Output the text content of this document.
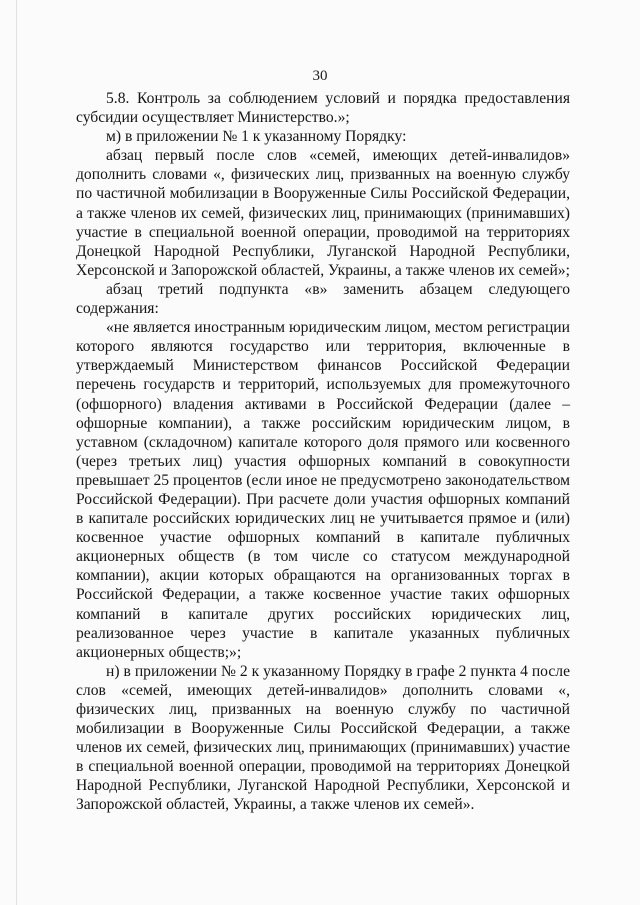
30

5.8. Контроль за соблюдением условий и порядка предоставления субсидии осуществляет Министерство.»;

м) в приложении № 1 к указанному Порядку:

абзац первый после слов «семей, имеющих детей-инвалидов» дополнить словами «, физических лиц, призванных на военную службу по частичной мобилизации в Вооруженные Силы Российской Федерации, а также членов их семей, физических лиц, принимающих (принимавших) участие в специальной военной операции, проводимой на территориях Донецкой Народной Республики, Луганской Народной Республики, Херсонской и Запорожской областей, Украины, а также членов их семей»;

абзац третий подпункта «в» заменить абзацем следующего содержания:

«не является иностранным юридическим лицом, местом регистрации которого являются государство или территория, включенные в утверждаемый Министерством финансов Российской Федерации перечень государств и территорий, используемых для промежуточного (офшорного) владения активами в Российской Федерации (далее – офшорные компании), а также российским юридическим лицом, в уставном (складочном) капитале которого доля прямого или косвенного (через третьих лиц) участия офшорных компаний в совокупности превышает 25 процентов (если иное не предусмотрено законодательством Российской Федерации). При расчете доли участия офшорных компаний в капитале российских юридических лиц не учитывается прямое и (или) косвенное участие офшорных компаний в капитале публичных акционерных обществ (в том числе со статусом международной компании), акции которых обращаются на организованных торгах в Российской Федерации, а также косвенное участие таких офшорных компаний в капитале других российских юридических лиц, реализованное через участие в капитале указанных публичных акционерных обществ;»;

н) в приложении № 2 к указанному Порядку в графе 2 пункта 4 после слов «семей, имеющих детей-инвалидов» дополнить словами «, физических лиц, призванных на военную службу по частичной мобилизации в Вооруженные Силы Российской Федерации, а также членов их семей, физических лиц, принимающих (принимавших) участие в специальной военной операции, проводимой на территориях Донецкой Народной Республики, Луганской Народной Республики, Херсонской и Запорожской областей, Украины, а также членов их семей».
